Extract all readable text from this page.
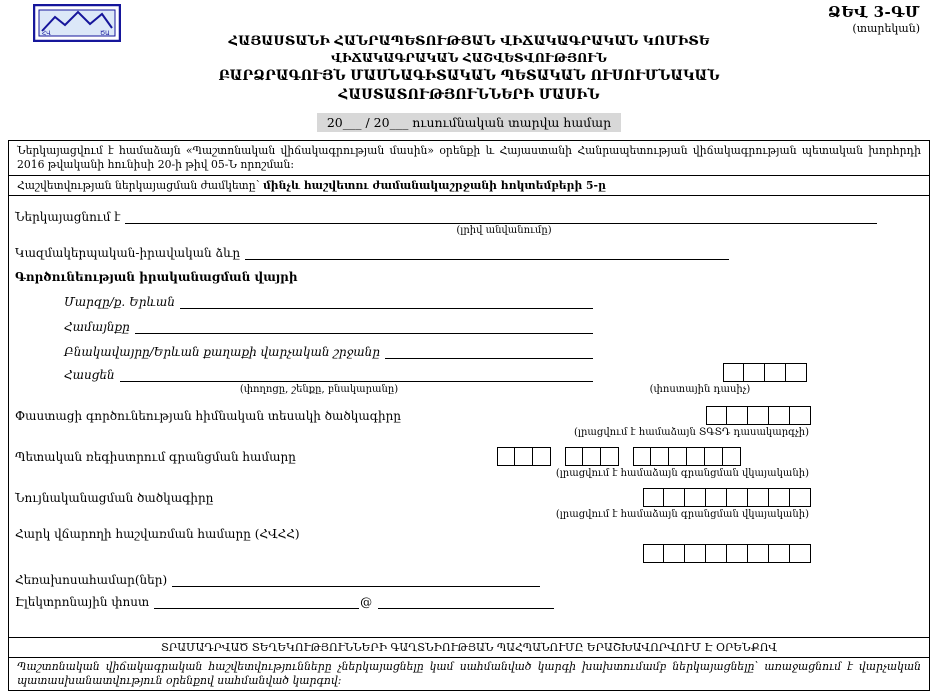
ՀՎ	ԾԱ
ՁԵՎ 3-ԳՄ
(տարեկան)
ՀԱՅԱՍՏԱՆԻ ՀԱՆՐԱՊԵՏՈՒԹՅԱՆ ՎԻՃԱԿԱԳՐԱԿԱՆ ԿՈՄԻՏԵ
ՎԻՃԱԿԱԳՐԱԿԱՆ ՀԱՇՎԵՏՎՈՒԹՅՈՒՆ
ԲԱՐՁՐԱԳՈՒՅՆ ՄԱՍՆԱԳԻՏԱԿԱՆ ՊԵՏԱԿԱՆ ՈՒՍՈՒՄՆԱԿԱՆ
ՀԱՍՏԱՏՈՒԹՅՈՒՆՆԵՐԻ ՄԱՍԻՆ
20___ / 20___ ուսումնական տարվա համար
Ներկայացվում է համաձայն «Պաշտոնական վիճակագրության մասին» օրենքի և Հայաստանի Հանրապետության վիճակագրության պետական խորհրդի 2016 թվականի հունիսի 20-ի թիվ 05-Ն որոշման:
Հաշվետվության ներկայացման ժամկետը՝ մինչև հաշվետու ժամանակաշրջանի հոկտեմբերի 5-ը
Ներկայացնում է
(լրիվ անվանումը)
Կազմակերպական-իրավական ձևը
Գործունեության իրականացման վայրի
Մարզը/ք. Երևան
Համայնքը
Բնակավայրը/Երևան քաղաքի վարչական շրջանը
Հասցեն
(փողոցը, շենքը, բնակարանը)	(փոստային դասիչ)
Փաստացի գործունեության հիմնական տեսակի ծածկագիրը
(լրացվում է համաձայն ՏԳՏԴ դասակարգչի)
Պետական ռեգիստրում գրանցման համարը
(լրացվում է համաձայն գրանցման վկայականի)
Նույնականացման ծածկագիրը
(լրացվում է համաձայն գրանցման վկայականի)
Հարկ վճարողի հաշվառման համարը (ՀՎՀՀ)
Հեռախոսահամար(ներ)
Էլեկտրոնային փոստ	@
ՏՐԱՄԱԴՐՎԱԾ ՏԵՂԵԿՈՒԹՅՈՒՆՆԵՐԻ ԳԱՂՏՆԻՈՒԹՅԱՆ ՊԱՀՊԱՆՈՒՄԸ ԵՐԱՇԽԱՎՈՐՎՈՒՄ Է ՕՐԵՆՔՈՎ
Պաշտոնական վիճակագրական հաշվետվությունները չներկայացնելը կամ սահմանված կարգի խախտումամբ ներկայացնելը՝ առաջացնում է վարչական պատասխանատվություն օրենքով սահմանված կարգով:
